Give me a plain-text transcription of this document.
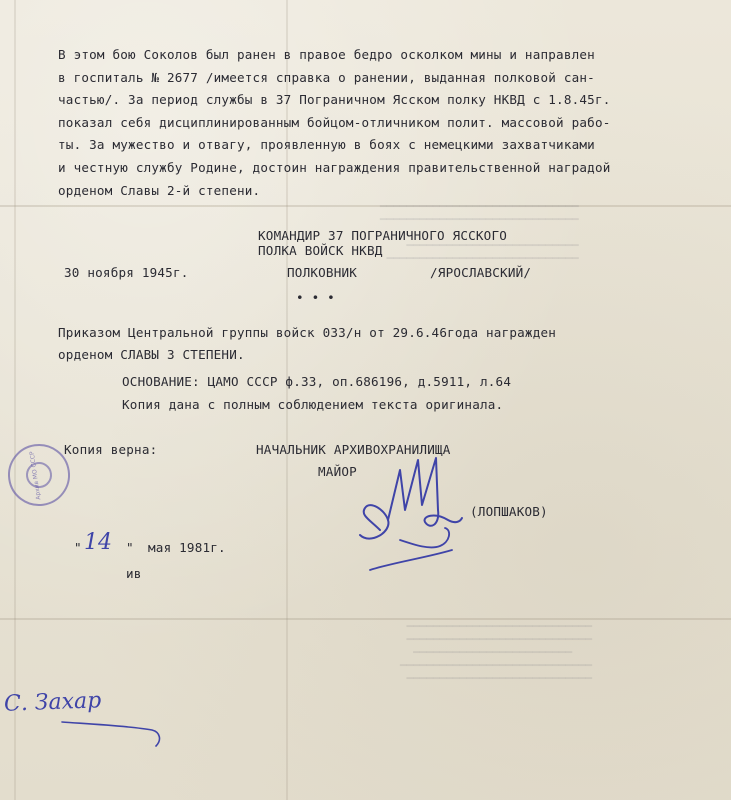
━━━━━━━━━━━━━━━━━━━━━━━━━━━━━━
━━━━━━━━━━━━━━━━━━━━━━━━━━━━━━

━━━━━━━━━━━━━━━━━━━━━━━━━━
━━━━━━━━━━━━━━━━━━━━━━━━━━━━━
━━━━━━━━━━━━━━━━━━━━━━━━━━━━
━━━━━━━━━━━━━━━━━━━━━━━━━━━━
━━━━━━━━━━━━━━━━━━━━━━━━
━━━━━━━━━━━━━━━━━━━━━━━━━━━━━
━━━━━━━━━━━━━━━━━━━━━━━━━━━━
В этом бою Соколов был ранен в правое бедро осколком мины и направлен
в госпиталь № 2677 /имеется справка о ранении, выданная полковой сан-
частью/. За период службы в 37 Пограничном Ясском полку НКВД с 1.8.45г.
показал себя дисциплинированным бойцом-отличником полит. массовой рабо-
ты. За мужество и отвагу, проявленную в боях с немецкими захватчиками
и честную службу Родине, достоин награждения правительственной наградой
орденом Славы 2-й степени.
КОМАНДИР 37 ПОГРАНИЧНОГО ЯССКОГО
ПОЛКА ВОЙСК НКВД
30 ноября 1945г.	ПОЛКОВНИК	/ЯРОСЛАВСКИЙ/
• • •
Приказом Центральной группы войск 033/н от 29.6.46года награжден
орденом СЛАВЫ 3 СТЕПЕНИ.
ОСНОВАНИЕ: ЦАМО СССР ф.33, оп.686196, д.5911, л.64
Копия дана с полным соблюдением текста оригинала.
Копия верна:	НАЧАЛЬНИК АРХИВОХРАНИЛИЩА
МАЙОР
(ЛОПШАКОВ)
" 14 " мая 1981г.
ив
Архив МО СССР
С. Захар
